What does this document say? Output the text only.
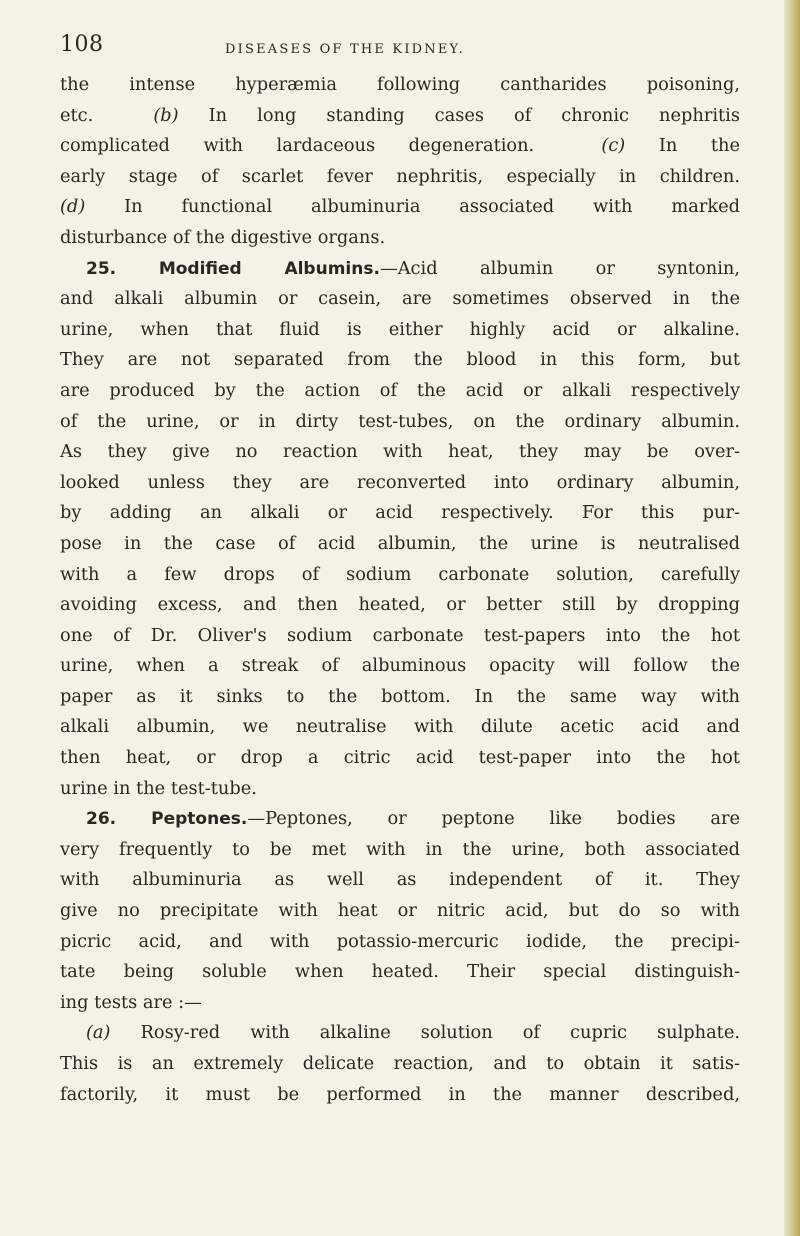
108	DISEASES OF THE KIDNEY.

the intense hyperæmia following cantharides poisoning,
etc.	(b) In long standing cases of chronic nephritis
complicated with lardaceous degeneration.	(c) In the
early stage of scarlet fever nephritis, especially in children.
(d) In functional albuminuria associated with marked
disturbance of the digestive organs.

25. Modified Albumins.—Acid albumin or syntonin,
and alkali albumin or casein, are sometimes observed in the
urine, when that fluid is either highly acid or alkaline.
They are not separated from the blood in this form, but
are produced by the action of the acid or alkali respectively
of the urine, or in dirty test-tubes, on the ordinary albumin.
As they give no reaction with heat, they may be over-
looked unless they are reconverted into ordinary albumin,
by adding an alkali or acid respectively. For this pur-
pose in the case of acid albumin, the urine is neutralised
with a few drops of sodium carbonate solution, carefully
avoiding excess, and then heated, or better still by dropping
one of Dr. Oliver's sodium carbonate test-papers into the hot
urine, when a streak of albuminous opacity will follow the
paper as it sinks to the bottom. In the same way with
alkali albumin, we neutralise with dilute acetic acid and
then heat, or drop a citric acid test-paper into the hot
urine in the test-tube.

26. Peptones.—Peptones, or peptone like bodies are
very frequently to be met with in the urine, both associated
with albuminuria as well as independent of it. They
give no precipitate with heat or nitric acid, but do so with
picric acid, and with potassio-mercuric iodide, the precipi-
tate being soluble when heated. Their special distinguish-
ing tests are :—

(a) Rosy-red with alkaline solution of cupric sulphate.
This is an extremely delicate reaction, and to obtain it satis-
factorily, it must be performed in the manner described,
